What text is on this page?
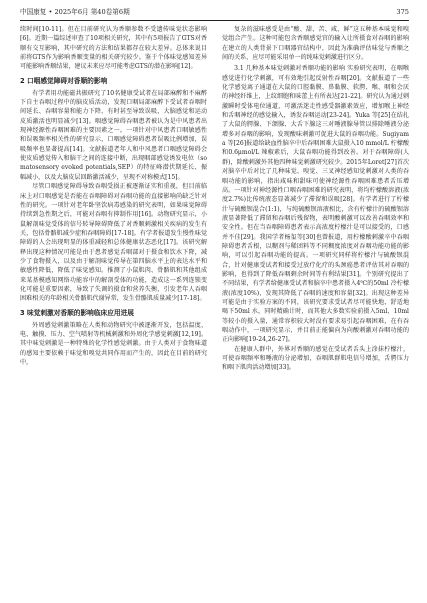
中国康复 • 2025年6月 第40卷第6期	375

续时间[10-11]。但在目前研究认为香顺参数不受遗传味觉状态影响[6]。近期一篇综述审查了10项相关研究，其中有5项报告了GTS对香顺有交互影响，其中研究的方法和结果都存在较大差异。总体来说目前将GTS作为影响香顺变量的相关研究较少。鉴于个体味觉感知差异可能影响香顺结果，建议未来应尽可能考虑GTS的潜在影响[12]。

2 口咽感觉障碍对香顺的影响

有学者用功能磁共振研究了10名健康受试者在局部麻醉和不麻醉下自主吞咽过程中的脑皮质活动，发现口咽局部麻醉下受试者吞咽时间延长、吞咽容量和能力下降，有时甚至导致误吸，大脑感觉和运动皮质激活也明显减少[13]。咽感觉障碍吞咽患者被认为是中风患者出现神经源性吞咽困难的主要因素之一。一项针对中风患者口咽敏感性和误吸频率相关性的研究显示，口咽感觉障碍患者误吸比例增加，误吸频率也显著提高[14]。文献报道老年人和中风患者口咽感觉障碍会使皮质感觉传入和脑干之间的连接中断，出现咽部感觉诱发电位（somatosensory evoked potentials,SEP）的特征峰潜伏期延长、振幅减小，以及大脑皮层回路激活减少，呈现不对称模式[15]。

尽管口咽感觉障碍导致吞咽受损正被逐渐证实和重视，但目前临床上对口咽感觉是否能在吞咽障碍对吞咽功能的直接影响尚缺乏针对性的研究。一项针对老年卧坚饮病毒感染的研究表明，如果味觉障碍持续到急性期之后，可能对吞咽有抑制作用[16]。动物研究显示，小鼠解剖味觉受体的信号转导障碍降低了对香顺刺激相关疾病的发生有关，包括骨骼肌减少症和吞咽障碍[17-18]。有学者报道发生慢性味觉障碍的人会出现明显的体重减轻和总体健康状态恶化[17]。该研究解释出现这种情况可能是由于患者感觉舌咽部对于摄食和饮水下降，减少了食物摄入，以及由于解剖味觉传导在第四脑水平上的表达水平和敏感性降低，降低了味觉感知。推测了小鼠肌肉、骨骼肌和其他组成来某基模感知网络功能容中的解剖受体的功能，造成这一系列连锁变化可能是重要因素，导致了失调的摄食和营养失衡，引发老年人吞咽困难相关的年龄相关骨骼肌代谢异常，发生骨骼肌质量减少[17-18]。

3 味觉刺激对香顺的影响临床应用进展

外周感觉刺激策略在人类和动物研究中被逐渐开发，包括温度、电、触摸、压力、空气喷射等机械刺激和外周化学感觉刺激[12,19]。其中味觉刺激是一种特殊的化学性感觉刺激。由于人类对于食物味道的感知主要依赖于味觉和嗅觉共同作用而产生的，因此在目前的研究中，

复杂的滋味感受是由“酸、甜、苦、咸、鲜”这五种基本味觉和嗅觉组合产生。这种可能包含香顺感觉官的输入让所摄食对吞咽的影响在建立的人类背景下口咽器官结构中，因此为准确评估味觉与香顺之间的关系，应尽可能采用单一的纯味觉刺激进行区分。

3.1 几种基本味觉刺激对香顺功能的影响 实验研究表明，在咽喉感觉进行化学刺激，可有效地引起反射性吞咽[20]。文献报道了一些化学感觉离子通道在大鼠的口腔黏膜、鼻黏膜、软腭、喉、咽和会厌的神经纤维上，上纹细胞和味蕾上有所表达[21-22]。研究认为通过刺激瞬时受体电位通道，可激活迷走性感受器激素效应，增加喉上神经和舌咽神经的感觉输入，诱发吞咽运动[23-24]。Yuka 等[25]在结扎了大鼠的腭腺、下颌腺、大舌下腺这三对唾液腺导管以排除唾液分泌增多对吞咽的影响，发现酸味刺激可促进大鼠的吞咽功能。Sugiyama 等[26]报道给缺血性脑卒中后吞咽困难大鼠摄入10 mmol/L 柠檬酸和0.6μmol/L 辣椒素后，大鼠吞咽功能得到改善。对于吞咽障碍(人群)，除酸刺激外其他四种味觉刺激研究较少。2015年Loret[27]首次对脑卒中后对比了几种味觉、嗅觉、三叉神经感知觉刺激对人类的吞咽功能的影响，指出咸味和甜味可使神经源性吞咽困难患者舌压增高。一项针对神经源性口咽吞咽困难的研究表明，将均柠檬酸溶液(浓度2.7%)比传统液态显著减少了滞留和误吸[28]。有学者进行了柠檬汁与硫酸钡混合(1:1)，与纯硫酸钡溶液相比，含有柠檬汁的硫酸钡溶液显著降低了滞留和吞咽后残留物，表明酸刺激可以改善吞咽效率和安全性。但在当吞咽障碍患者表示高浓度柠檬汁是可以接受的，口感并不佳[29]。我国学者杨玺等[30]也曾报道，用柠檬酸刺激卒中吞咽障碍患者舌根，以糊剂与稀团料等不同稠度浓度对吞咽功能功能的影响，可以引起吞咽功能的提高。一项研究同样将柠檬汁与硫酸钡混合，针对健康受试者和接受过放疗化疗的头颈癌患者评估其对吞咽的影响，也得到了降低吞咽剩余时间等有利结果[31]。个别研究提出了不同结果，有学者给健康受试者和脑卒中患者摄入4℃的50ml 冷柠檬液(浓度10%)，发现其降低了吞咽的速度和容量[32]。出现这种差异可能是由于实验方案的不同，该研究要求受试者尽可能快地、舒适地喝下50ml 水，同时精确计时，而其他大多数实验前摄入5ml、10ml 等较小的摄入量，通常容积较大时没有要求易引起吞咽困难，在有吞咽动作中，一项研究显示，并目前正能偏向为向酸刺激对吞咽功能的正向影响[19-24,26-27]。

在健康人群中，外界对香顺的感觉在受试者舌头上涂抹柠檬汁，可使吞咽频率和唾液的分泌增加，吞咽肌群肌电信号增加，舌腭压力和咽下肌肉活动增加[33]。
